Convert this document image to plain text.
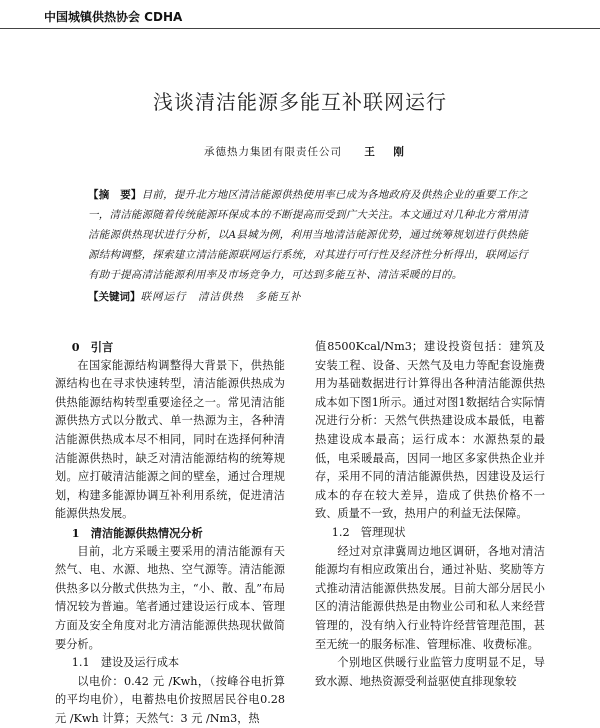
中国城镇供热协会 CDHA
浅谈清洁能源多能互补联网运行
承德热力集团有限责任公司 王　刚

【摘　要】目前，提升北方地区清洁能源供热使用率已成为各地政府及供热企业的重要工作之一，清洁能源随着传统能源环保成本的不断提高而受到广大关注。本文通过对几种北方常用清洁能源供热现状进行分析，以A县城为例，利用当地清洁能源优势，通过统筹规划进行供热能源结构调整，探索建立清洁能源联网运行系统，对其进行可行性及经济性分析得出，联网运行有助于提高清洁能源利用率及市场竞争力，可达到多能互补、清洁采暖的目的。

【关键词】联网运行　清洁供热　多能互补

0　引言

在国家能源结构调整得大背景下，供热能源结构也在寻求快速转型，清洁能源供热成为供热能源结构转型重要途径之一。常见清洁能源供热方式以分散式、单一热源为主，各种清洁能源供热成本尽不相同，同时在选择何种清洁能源供热时，缺乏对清洁能源结构的统筹规划。应打破清洁能源之间的壁垒，通过合理规划，构建多能源协调互补利用系统，促进清洁能源供热发展。

1　清洁能源供热情况分析

目前，北方采暖主要采用的清洁能源有天然气、电、水源、地热、空气源等。清洁能源供热多以分散式供热为主，“小、散、乱”布局情况较为普遍。笔者通过建设运行成本、管理方面及安全角度对北方清洁能源供热现状做简要分析。

1.1　建设及运行成本

以电价：0.42 元 /Kwh，（按峰谷电折算的平均电价），电蓄热电价按照居民谷电0.28 元 /Kwh 计算；天然气：3 元 /Nm3，热

值8500Kcal/Nm3；建设投资包括：建筑及安装工程、设备、天然气及电力等配套设施费用为基础数据进行计算得出各种清洁能源供热成本如下图1所示。通过对图1数据结合实际情况进行分析：天然气供热建设成本最低，电蓄热建设成本最高；运行成本：水源热泵的最低，电采暖最高，因同一地区多家供热企业并存，采用不同的清洁能源供热，因建设及运行成本的存在较大差异，造成了供热价格不一致、质量不一致，热用户的利益无法保障。

1.2　管理现状

经过对京津冀周边地区调研，各地对清洁能源均有相应政策出台，通过补贴、奖励等方式推动清洁能源供热发展。目前大部分居民小区的清洁能源供热是由物业公司和私人来经营管理的，没有纳入行业特许经营管理范围，甚至无统一的服务标准、管理标准、收费标准。

个别地区供暖行业监管力度明显不足，导致水源、地热资源受利益驱使直排现象较
